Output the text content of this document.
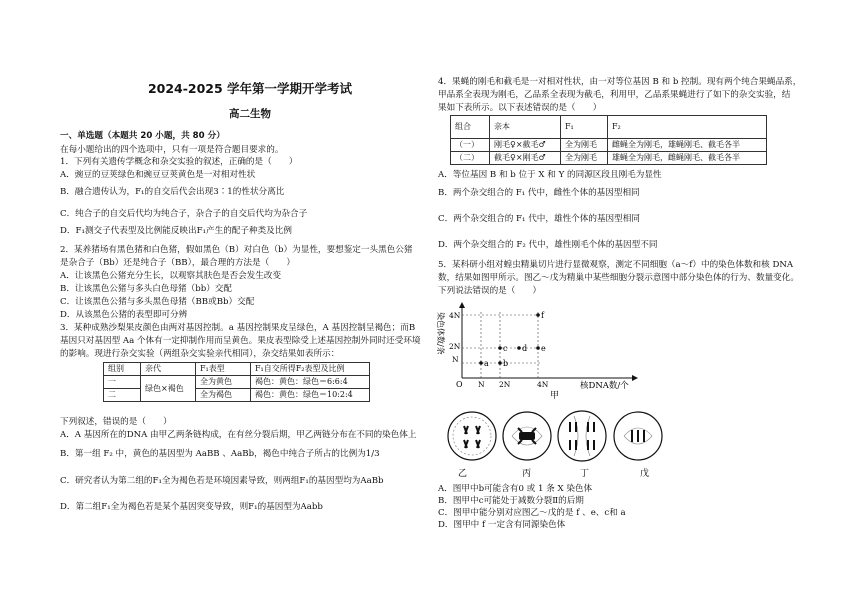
2024-2025 学年第一学期开学考试
高二生物
一、单选题（本题共 20 小题，共 80 分）
在每小题给出的四个选项中，只有一项是符合题目要求的。
1．下列有关遗传学概念和杂交实验的叙述，正确的是（　　）
A．豌豆的豆荚绿色和豌豆豆荚黄色是一对相对性状
B．融合遗传认为，F₁的自交后代会出现3∶1的性状分离比
C．纯合子的自交后代均为纯合子，杂合子的自交后代均为杂合子
D．F₁测交子代表型及比例能反映出F₁产生的配子种类及比例
2．某养猪场有黑色猪和白色猪，假如黑色（B）对白色（b）为显性，要想鉴定一头黑色公猪
是杂合子（Bb）还是纯合子（BB），最合理的方法是（　　）
A．让该黑色公猪充分生长，以观察其肤色是否会发生改变
B．让该黑色公猪与多头白色母猪（bb）交配
C．让该黑色公猪与多头黑色母猪（BB或Bb）交配
D．从该黑色公猪的表型即可分辨
3．某种成熟沙梨果皮颜色由两对基因控制。a 基因控制果皮呈绿色，A 基因控制呈褐色；而B
基因只对基因型 Aa 个体有一定抑制作用而呈黄色。果皮表型除受上述基因控制外同时还受环境
的影响。现进行杂交实验（两组杂交实验亲代相同），杂交结果如表所示：
组别	亲代	F₁表型	F₁自交所得F₂表型及比例
一	绿色×褐色	全为黄色	褐色：黄色：绿色＝6:6:4
二		全为褐色	褐色：黄色：绿色＝10:2:4
下列叙述，错误的是（　　）
A．A 基因所在的DNA 由甲乙两条链构成，在有丝分裂后期，甲乙两链分布在不同的染色体上
B．第一组 F₂ 中，黄色的基因型为 AaBB 、AaBb，褐色中纯合子所占的比例为1/3
C．研究者认为第二组的F₁全为褐色若是环境因素导致，则两组F₁的基因型均为AaBb
D．第二组F₁全为褐色若是某个基因突变导致，则F₁的基因型为Aabb
4．果蝇的刚毛和截毛是一对相对性状，由一对等位基因 B 和 b 控制。现有两个纯合果蝇品系，
甲品系全表现为刚毛，乙品系全表现为截毛，利用甲，乙品系果蝇进行了如下的杂交实验，结
果如下表所示。以下表述错误的是（　　）
组合	亲本	F₁	F₂
（一）	刚毛♀×截毛♂	全为刚毛	雌蝇全为刚毛，雄蝇刚毛、截毛各半
（二）	截毛♀×刚毛♂	全为刚毛	雄蝇全为刚毛，雌蝇刚毛、截毛各半
A．等位基因 B 和 b 位于 X 和 Y 的同源区段且刚毛为显性
B．两个杂交组合的 F₁ 代中，雌性个体的基因型相同
C．两个杂交组合的 F₁ 代中，雄性个体的基因型相同
D．两个杂交组合的 F₂ 代中，雄性刚毛个体的基因型不同
5．某科研小组对蝗虫精巢切片进行显微观察，测定不同细胞（a～f）中的染色体数和核 DNA
数，结果如图甲所示。图乙～戊为精巢中某些细胞分裂示意图中部分染色体的行为、数量变化。
下列说法错误的是（　　）
染色体数/条
核DNA数/个
O N 2N	4N
N
2N
4N
a b
c d e
f
甲
乙	丙	丁	戊
A．图甲中b可能含有0 或 1 条 X 染色体
B．图甲中c可能处于减数分裂Ⅱ的后期
C．图甲中能分别对应图乙～戊的是 f 、e、c和 a
D．图甲中 f 一定含有同源染色体
